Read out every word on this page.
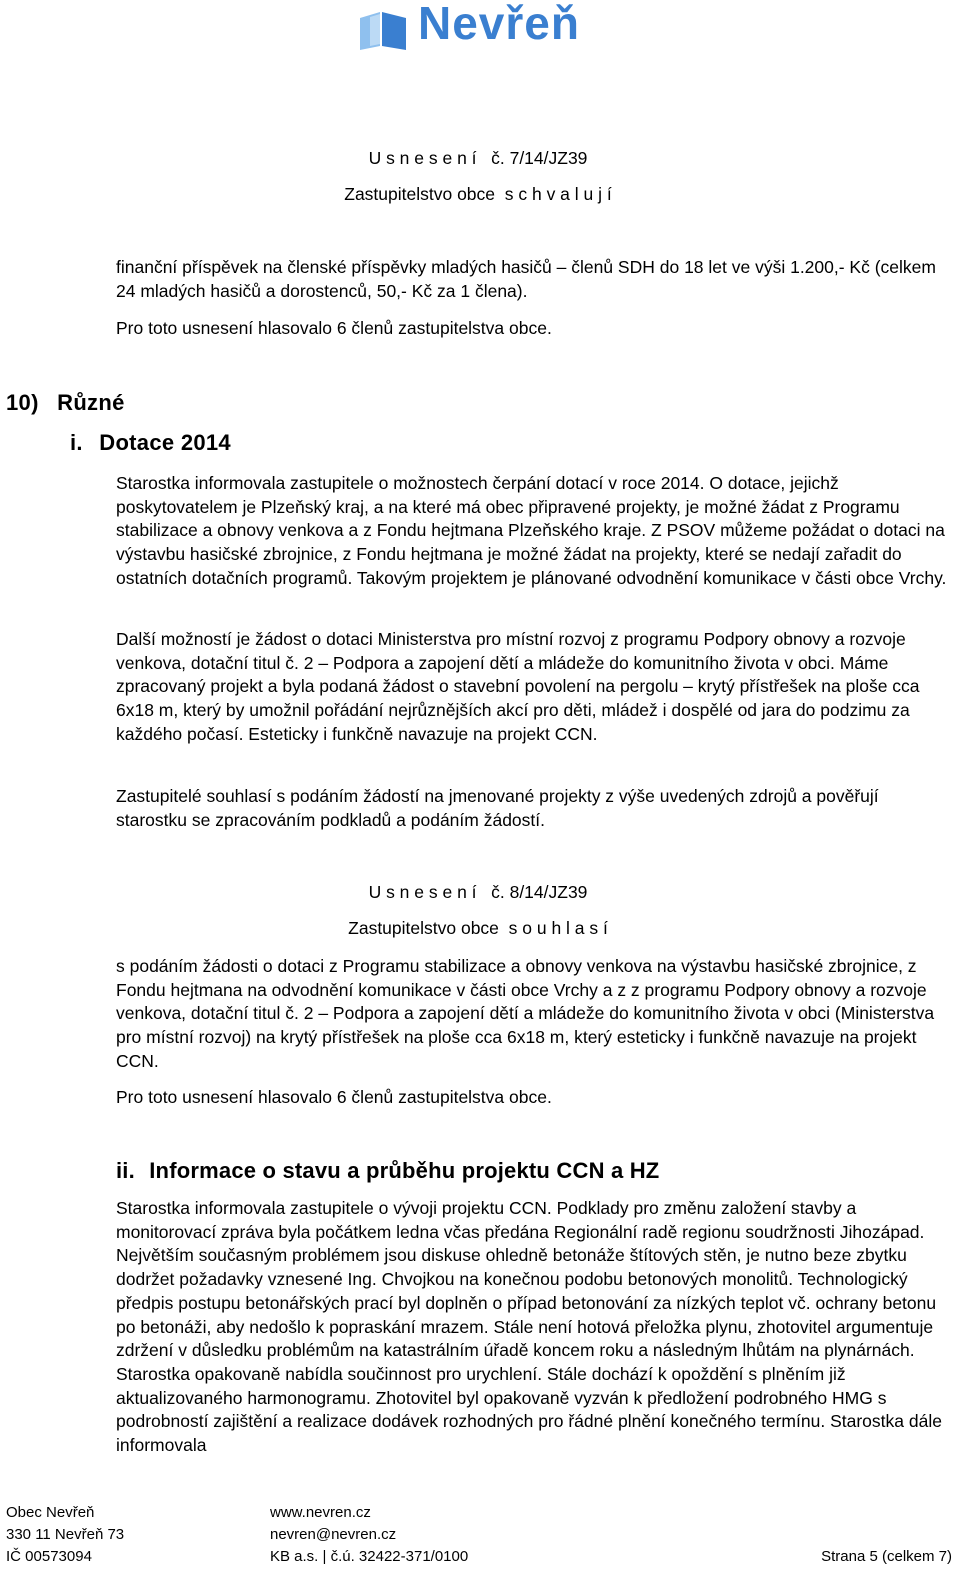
Nevřeň
U s n e s e n í   č. 7/14/JZ39
Zastupitelstvo obce  s c h v a l u j í

finanční příspěvek na členské příspěvky mladých hasičů – členů SDH do 18 let ve výši 1.200,- Kč (celkem 24 mladých hasičů a dorostenců, 50,- Kč za 1 člena).

Pro toto usnesení hlasovalo 6 členů zastupitelstva obce.

10) Různé
i. Dotace 2014

Starostka informovala zastupitele o možnostech čerpání dotací v roce 2014. O dotace, jejichž poskytovatelem je Plzeňský kraj, a na které má obec připravené projekty, je možné žádat z Programu stabilizace a obnovy venkova a z Fondu hejtmana Plzeňského kraje. Z PSOV můžeme požádat o dotaci na výstavbu hasičské zbrojnice, z Fondu hejtmana je možné žádat na projekty, které se nedají zařadit do ostatních dotačních programů. Takovým projektem je plánované odvodnění komunikace v části obce Vrchy.

Další možností je žádost o dotaci Ministerstva pro místní rozvoj z programu Podpory obnovy a rozvoje venkova, dotační titul č. 2 – Podpora a zapojení dětí a mládeže do komunitního života v obci. Máme zpracovaný projekt a byla podaná žádost o stavební povolení na pergolu – krytý přístřešek na ploše cca 6x18 m, který by umožnil pořádání nejrůznějších akcí pro děti, mládež i dospělé od jara do podzimu za každého počasí. Esteticky i funkčně navazuje na projekt CCN.

Zastupitelé souhlasí s podáním žádostí na jmenované projekty z výše uvedených zdrojů a pověřují starostku se zpracováním podkladů a podáním žádostí.

U s n e s e n í   č. 8/14/JZ39
Zastupitelstvo obce  s o u h l a s í

s podáním žádosti o dotaci z Programu stabilizace a obnovy venkova na výstavbu hasičské zbrojnice, z Fondu hejtmana na odvodnění komunikace v části obce Vrchy a z z programu Podpory obnovy a rozvoje venkova, dotační titul č. 2 – Podpora a zapojení dětí a mládeže do komunitního života v obci (Ministerstva pro místní rozvoj) na krytý přístřešek na ploše cca 6x18 m, který esteticky i funkčně navazuje na projekt CCN.

Pro toto usnesení hlasovalo 6 členů zastupitelstva obce.

ii. Informace o stavu a průběhu projektu CCN a HZ

Starostka informovala zastupitele o vývoji projektu CCN. Podklady pro změnu založení stavby a monitorovací zpráva byla počátkem ledna včas předána Regionální radě regionu soudržnosti Jihozápad. Největším současným problémem jsou diskuse ohledně betonáže štítových stěn, je nutno beze zbytku dodržet požadavky vznesené Ing. Chvojkou na konečnou podobu betonových monolitů. Technologický předpis postupu betonářských prací byl doplněn o případ betonování za nízkých teplot vč. ochrany betonu po betonáži, aby nedošlo k popraskání mrazem. Stále není hotová přeložka plynu, zhotovitel argumentuje zdržení v důsledku problémům na katastrálním úřadě koncem roku a následným lhůtám na plynárnách. Starostka opakovaně nabídla součinnost pro urychlení. Stále dochází k opoždění s plněním již aktualizovaného harmonogramu. Zhotovitel byl opakovaně vyzván k předložení podrobného HMG s podrobností zajištění a realizace dodávek rozhodných pro řádné plnění konečného termínu. Starostka dále informovala

Obec Nevřeň
330 11 Nevřeň 73
IČ 00573094
www.nevren.cz
nevren@nevren.cz
KB a.s. | č.ú. 32422-371/0100	Strana 5 (celkem 7)
